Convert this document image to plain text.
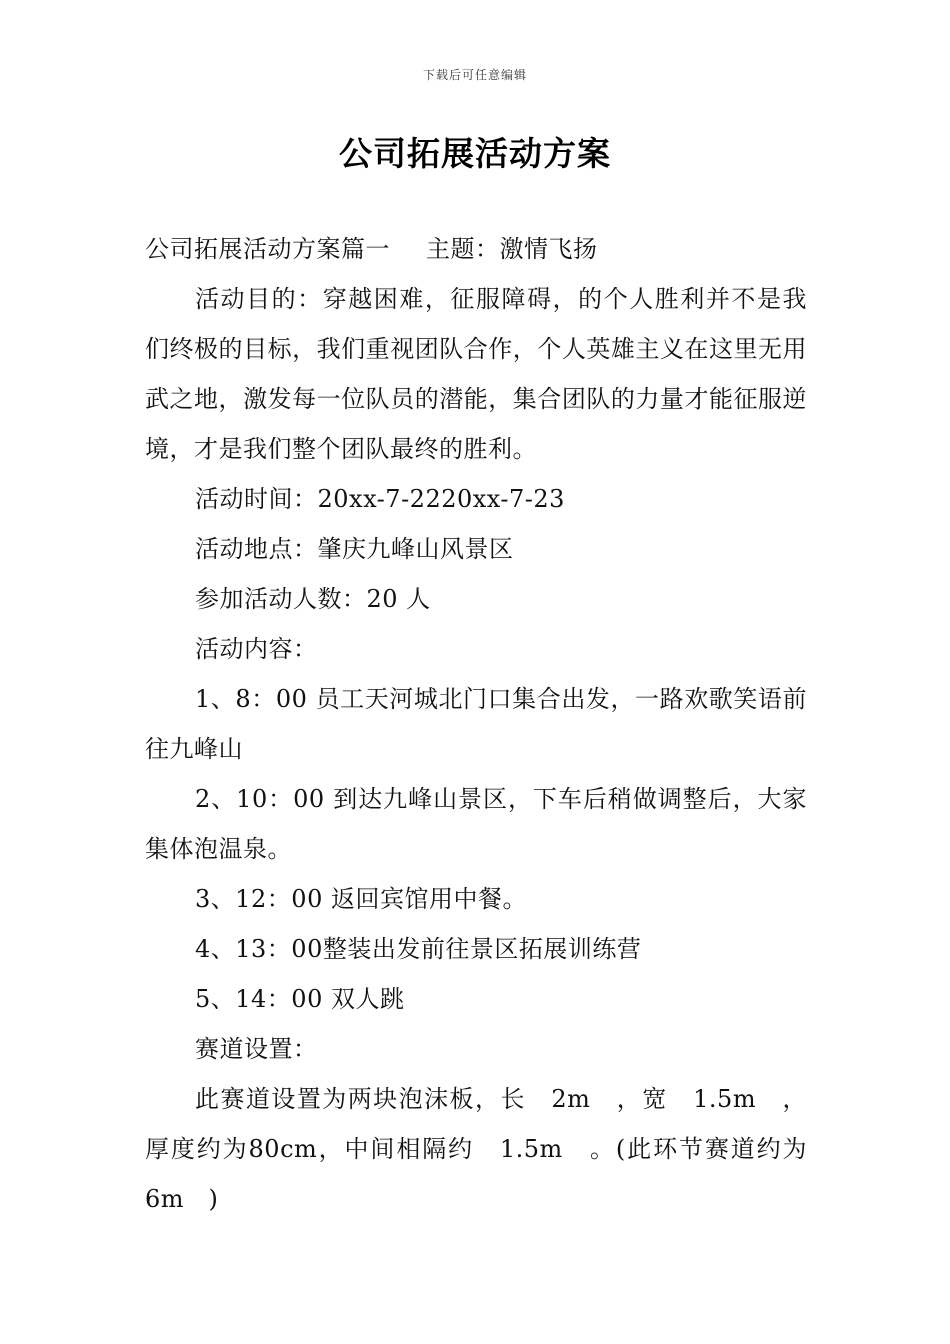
下载后可任意编辑
公司拓展活动方案

公司拓展活动方案篇一 主题：激情飞扬

活动目的：穿越困难，征服障碍，的个人胜利并不是我们终极的目标，我们重视团队合作，个人英雄主义在这里无用武之地，激发每一位队员的潜能，集合团队的力量才能征服逆境，才是我们整个团队最终的胜利。

活动时间：20xx-7-2220xx-7-23

活动地点：肇庆九峰山风景区

参加活动人数：20 人

活动内容：

1、8：00 员工天河城北门口集合出发，一路欢歌笑语前往九峰山

2、10：00 到达九峰山景区，下车后稍做调整后，大家集体泡温泉。

3、12：00 返回宾馆用中餐。

4、13：00整装出发前往景区拓展训练营

5、14：00 双人跳

赛道设置：

此赛道设置为两块泡沫板，长　2m　，宽　1.5m　，厚度约为80cm，中间相隔约　1.5m　。(此环节赛道约为6m　)
